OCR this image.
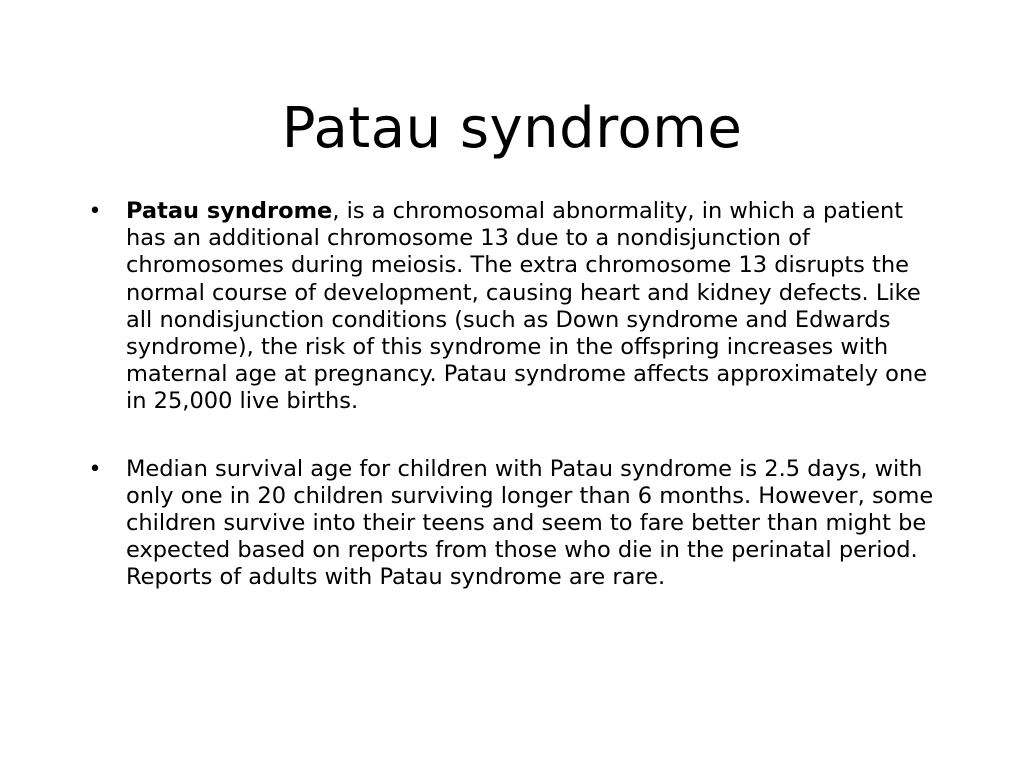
Patau syndrome
• Patau syndrome, is a chromosomal abnormality, in which a patient has an additional chromosome 13 due to a nondisjunction of chromosomes during meiosis. The extra chromosome 13 disrupts the normal course of development, causing heart and kidney defects. Like all nondisjunction conditions (such as Down syndrome and Edwards syndrome), the risk of this syndrome in the offspring increases with maternal age at pregnancy. Patau syndrome affects approximately one in 25,000 live births.
• Median survival age for children with Patau syndrome is 2.5 days, with only one in 20 children surviving longer than 6 months. However, some children survive into their teens and seem to fare better than might be expected based on reports from those who die in the perinatal period. Reports of adults with Patau syndrome are rare.
